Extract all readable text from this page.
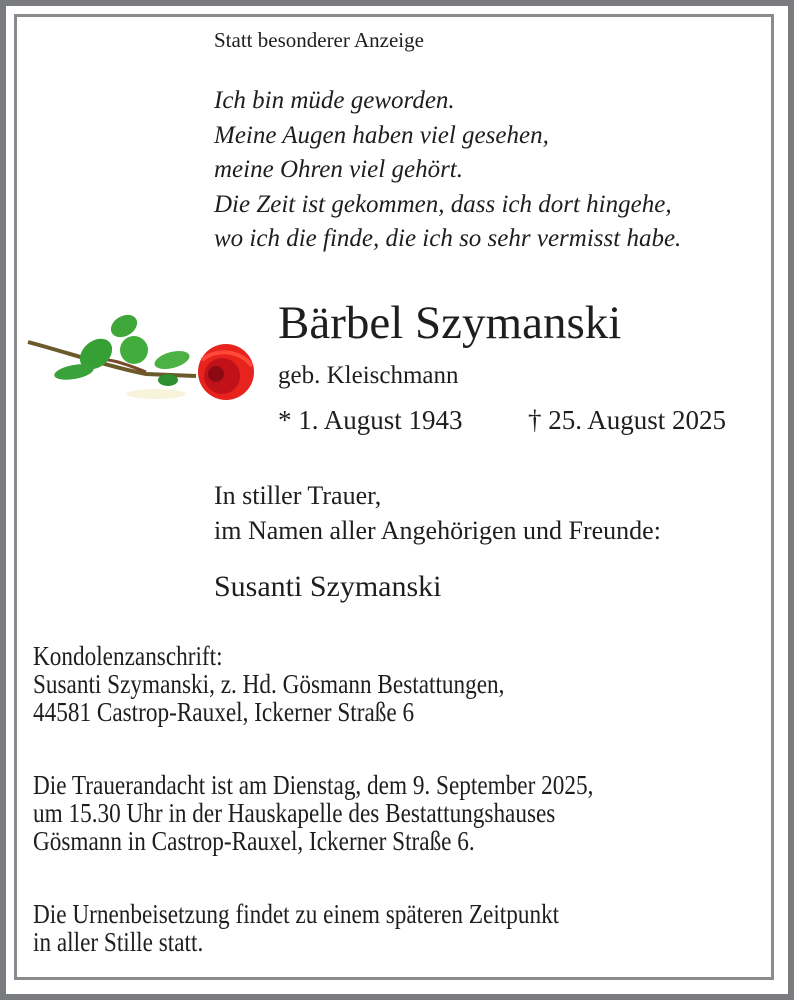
Statt besonderer Anzeige
Ich bin müde geworden.
Meine Augen haben viel gesehen,
meine Ohren viel gehört.
Die Zeit ist gekommen, dass ich dort hingehe,
wo ich die finde, die ich so sehr vermisst habe.
Bärbel Szymanski
geb. Kleischmann
* 1. August 1943 † 25. August 2025
In stiller Trauer,
im Namen aller Angehörigen und Freunde:
Susanti Szymanski
Kondolenzanschrift:
Susanti Szymanski, z. Hd. Gösmann Bestattungen,
44581 Castrop-Rauxel, Ickerner Straße 6
Die Trauerandacht ist am Dienstag, dem 9. September 2025,
um 15.30 Uhr in der Hauskapelle des Bestattungshauses
Gösmann in Castrop-Rauxel, Ickerner Straße 6.
Die Urnenbeisetzung findet zu einem späteren Zeitpunkt
in aller Stille statt.
